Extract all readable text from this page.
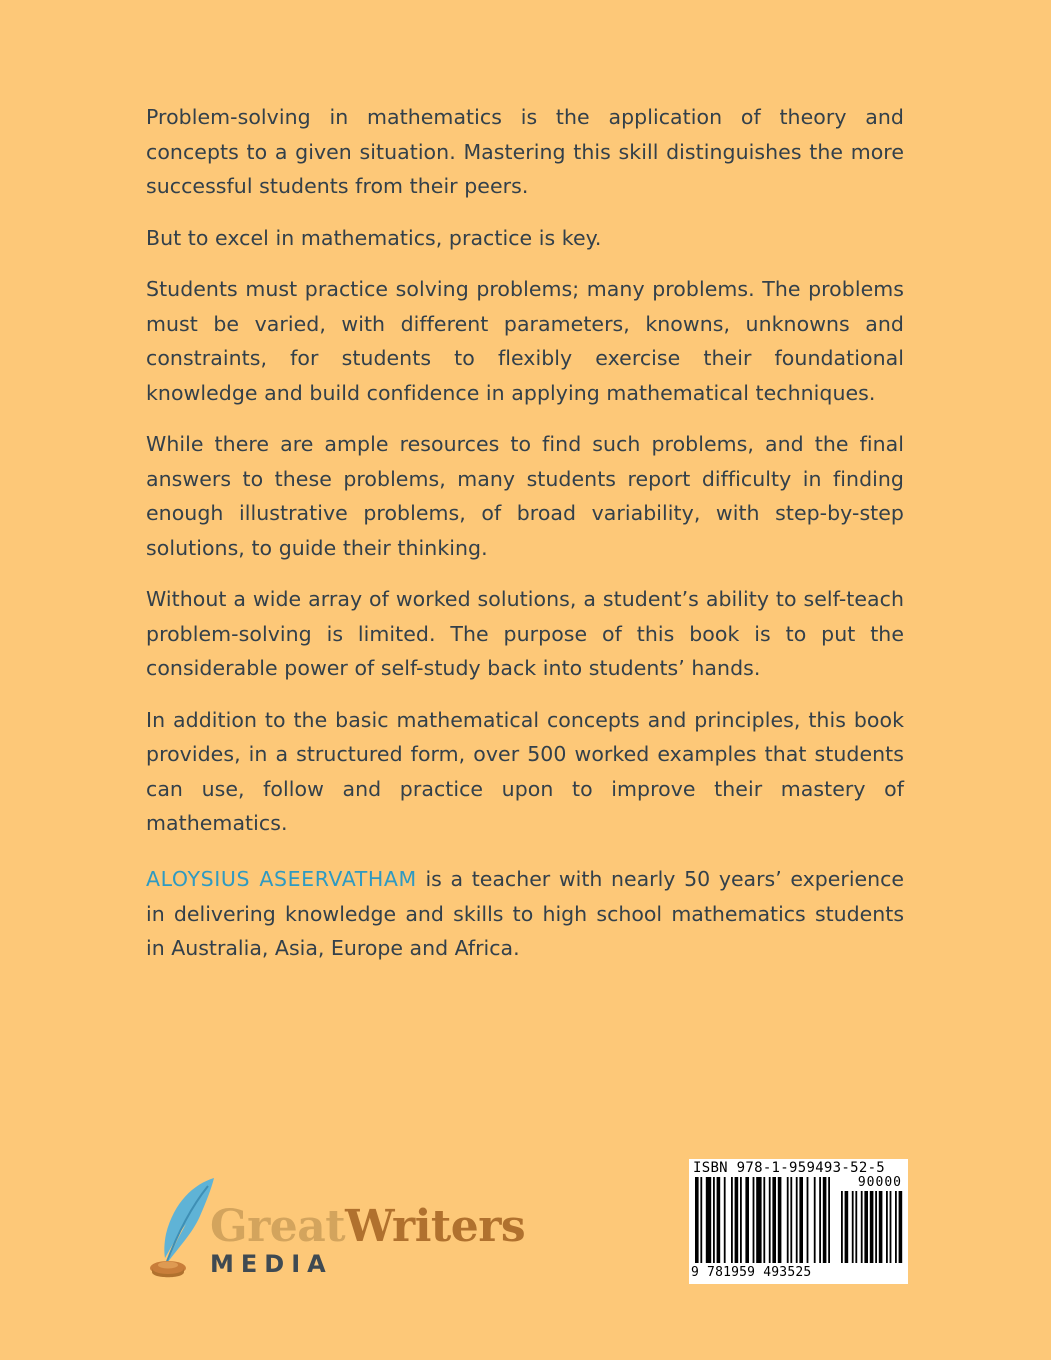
Problem-solving in mathematics is the application of theory and concepts to a given situation. Mastering this skill distinguishes the more successful students from their peers.

But to excel in mathematics, practice is key.

Students must practice solving problems; many problems. The problems must be varied, with different parameters, knowns, unknowns and constraints, for students to flexibly exercise their foundational knowledge and build confidence in applying mathematical techniques.

While there are ample resources to find such problems, and the final answers to these problems, many students report difficulty in finding enough illustrative problems, of broad variability, with step-by-step solutions, to guide their thinking.

Without a wide array of worked solutions, a student’s ability to self-teach problem-solving is limited. The purpose of this book is to put the considerable power of self-study back into students’ hands.

In addition to the basic mathematical concepts and principles, this book provides, in a structured form, over 500 worked examples that students can use, follow and practice upon to improve their mastery of mathematics.

ALOYSIUS ASEERVATHAM is a teacher with nearly 50 years’ experience in delivering knowledge and skills to high school mathematics students in Australia, Asia, Europe and Africa.

GreatWriters
MEDIA
ISBN 978-1-959493-52-5
90000
9 781959 493525
